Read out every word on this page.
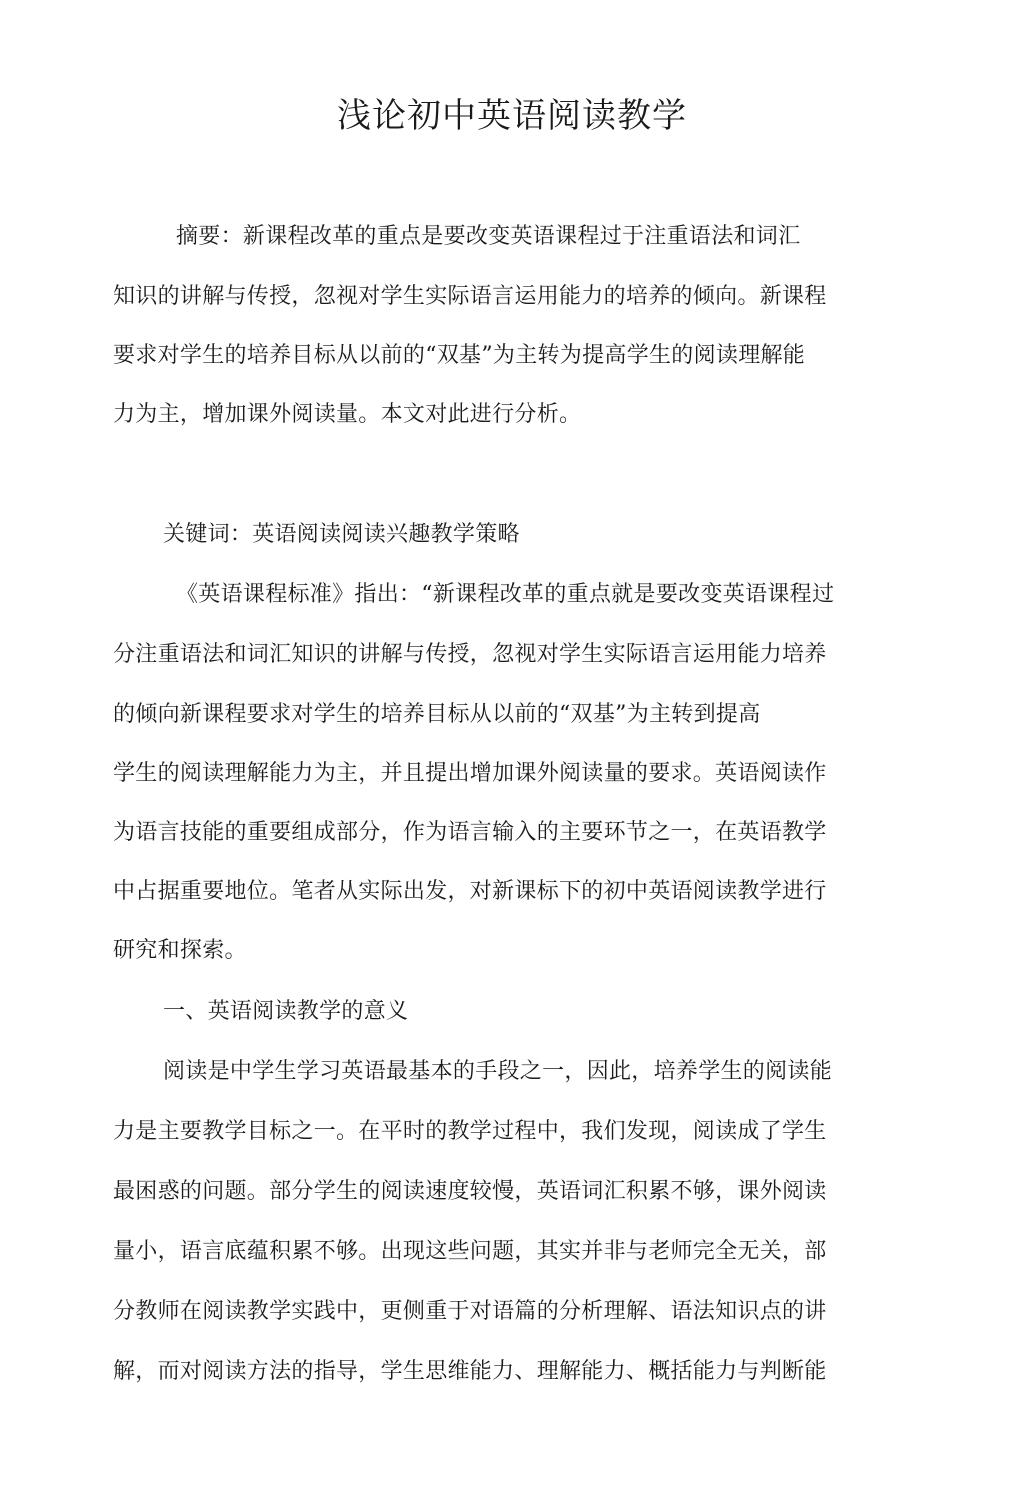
浅论初中英语阅读教学
摘要：新课程改革的重点是要改变英语课程过于注重语法和词汇
知识的讲解与传授，忽视对学生实际语言运用能力的培养的倾向。新课程
要求对学生的培养目标从以前的“双基”为主转为提高学生的阅读理解能
力为主，增加课外阅读量。本文对此进行分析。
关键词：英语阅读阅读兴趣教学策略
《英语课程标准》指出：“新课程改革的重点就是要改变英语课程过
分注重语法和词汇知识的讲解与传授，忽视对学生实际语言运用能力培养
的倾向新课程要求对学生的培养目标从以前的“双基”为主转到提高
学生的阅读理解能力为主，并且提出增加课外阅读量的要求。英语阅读作
为语言技能的重要组成部分，作为语言输入的主要环节之一，在英语教学
中占据重要地位。笔者从实际出发，对新课标下的初中英语阅读教学进行
研究和探索。
一、英语阅读教学的意义
阅读是中学生学习英语最基本的手段之一，因此，培养学生的阅读能
力是主要教学目标之一。在平时的教学过程中，我们发现，阅读成了学生
最困惑的问题。部分学生的阅读速度较慢，英语词汇积累不够，课外阅读
量小，语言底蕴积累不够。出现这些问题，其实并非与老师完全无关，部
分教师在阅读教学实践中，更侧重于对语篇的分析理解、语法知识点的讲
解，而对阅读方法的指导，学生思维能力、理解能力、概括能力与判断能
